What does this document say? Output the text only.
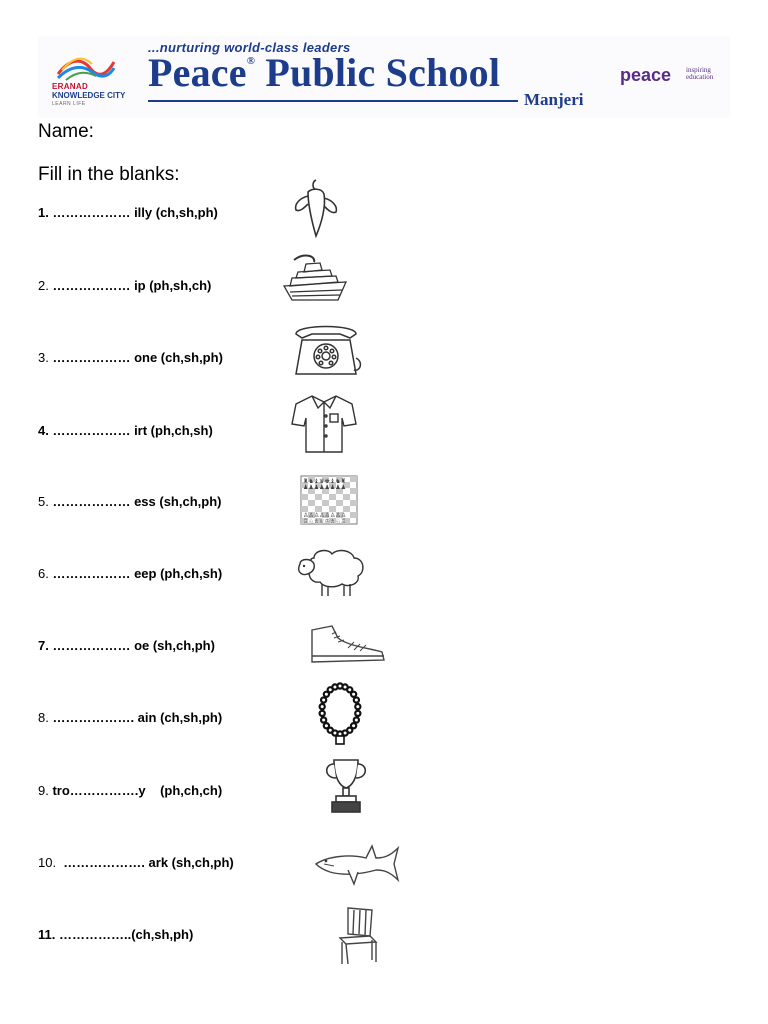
ERANAD
KNOWLEDGE CITY
LEARN LIFE
...nurturing world-class leaders
Peace® Public School
Manjeri
peace inspiring education
Name:
Fill in the blanks:
1. ……………… illy (ch,sh,ph)
2. ……………… ip (ph,sh,ch)
3. ……………… one (ch,sh,ph)
4. ……………… irt (ph,ch,sh)
5. ……………… ess (sh,ch,ph)
6. ……………… eep (ph,ch,sh)
7. ……………… oe (sh,ch,ph)
8. ………………. ain (ch,sh,ph)
9. tro…………….y    (ph,ch,ch)
10.  ………………. ark (sh,ch,ph)
11. ……………..(ch,sh,ph)
♜♞♝♛♚♝♞♜
♟♟♟♟♟♟♟♟
♙♙♙♙♙♙♙♙
♖♘♗♕♔♗♘♖
